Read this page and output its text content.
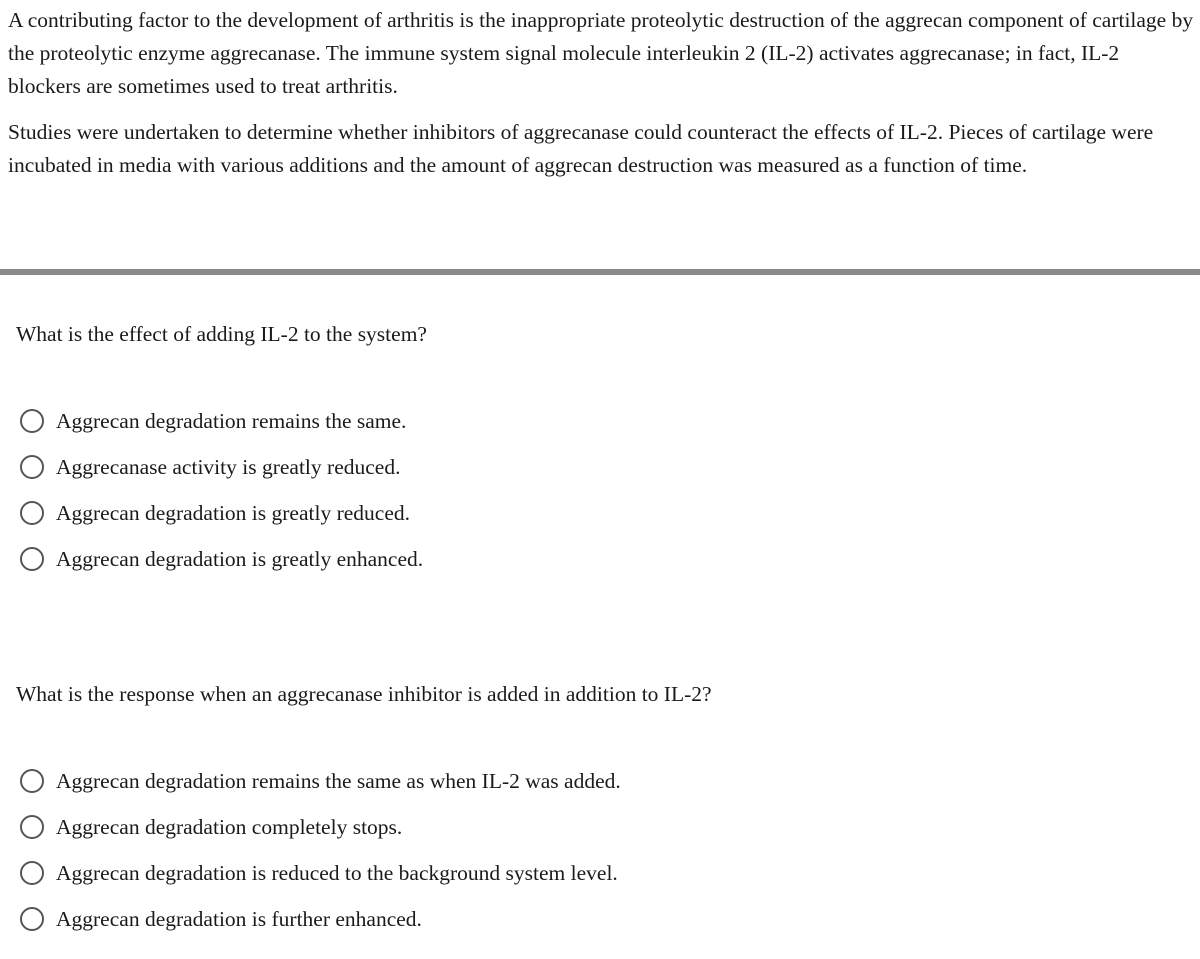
A contributing factor to the development of arthritis is the inappropriate proteolytic destruction of the aggrecan component of cartilage by the proteolytic enzyme aggrecanase. The immune system signal molecule interleukin 2 (IL-2) activates aggrecanase; in fact, IL-2 blockers are sometimes used to treat arthritis.

Studies were undertaken to determine whether inhibitors of aggrecanase could counteract the effects of IL-2. Pieces of cartilage were incubated in media with various additions and the amount of aggrecan destruction was measured as a function of time.

What is the effect of adding IL-2 to the system?
Aggrecan degradation remains the same.
Aggrecanase activity is greatly reduced.
Aggrecan degradation is greatly reduced.
Aggrecan degradation is greatly enhanced.
What is the response when an aggrecanase inhibitor is added in addition to IL-2?
Aggrecan degradation remains the same as when IL-2 was added.
Aggrecan degradation completely stops.
Aggrecan degradation is reduced to the background system level.
Aggrecan degradation is further enhanced.
